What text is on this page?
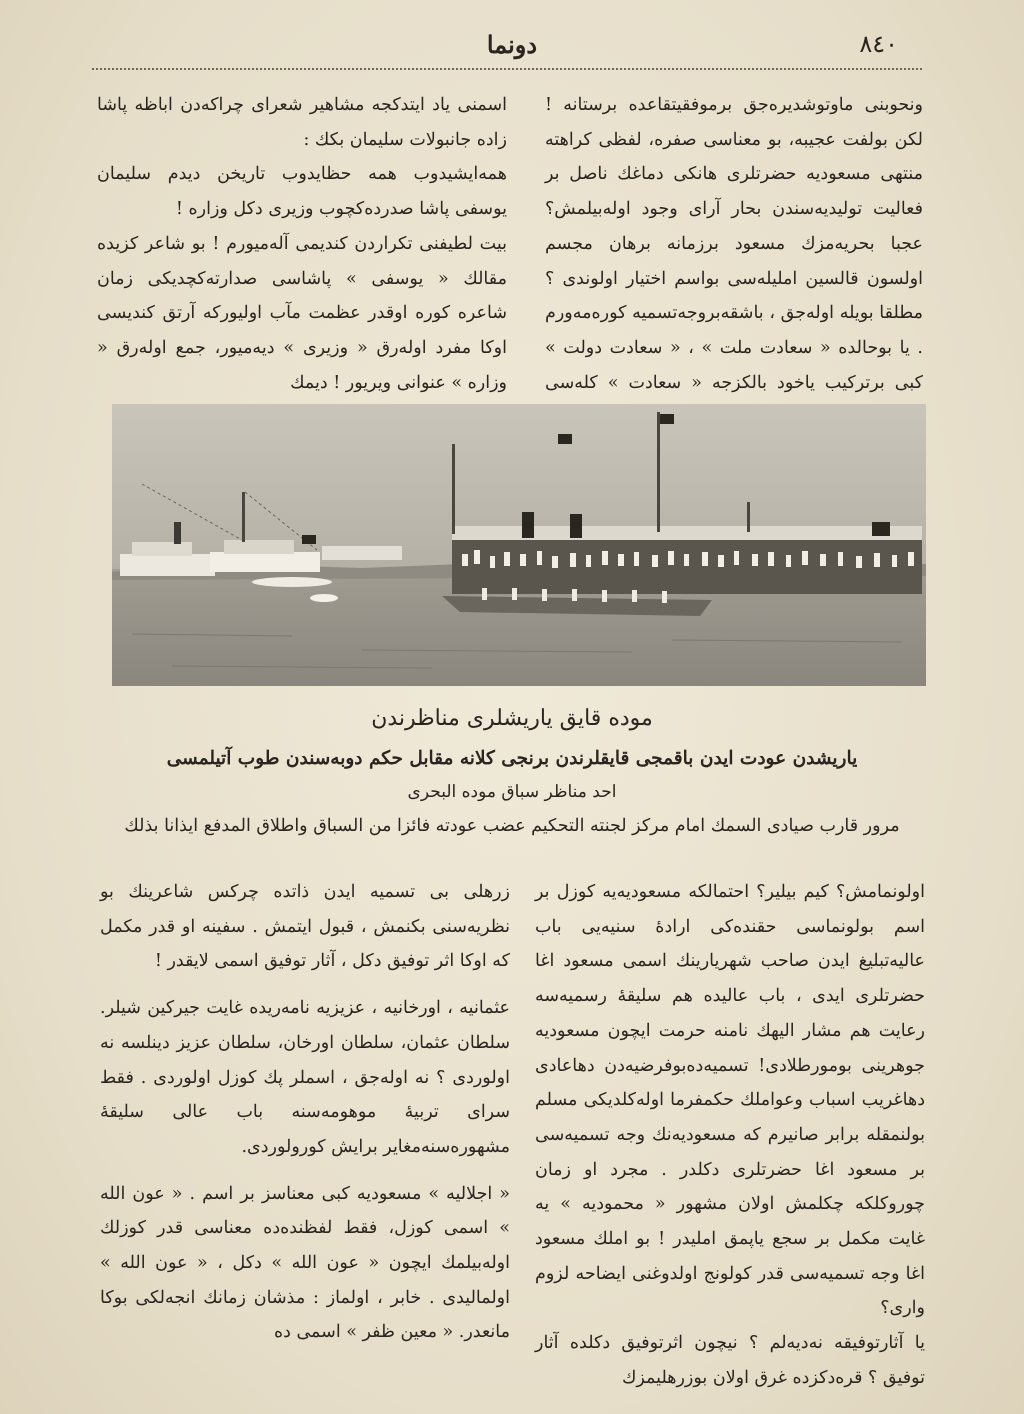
دونما	٨٤٠

ونحوبنی ماوتوشدیرەجق برموفقیتقاعدە برستانە ! لکن بولفت عجیبه، بو معناسی صفرە، لفظی کراهته منتهی مسعودیه حضرتلری هانکی دماغك ناصل بر فعالیت تولیدیەسندن بحار آرای وجود اولەبیلمش؟ عجبا بحریەمزك مسعود برزمانه برهان مجسم اولسون قالسین املیلەسی بواسم اختیار اولوندی ؟ مطلقا بویله اولەجق ، باشقەبروجەتسمیه کورەمەورم . یا بوحالده « سعادت ملت » ، « سعادت دولت » کبی برترکیب یاخود بالکزجه « سعادت » کلەسی

اسمنی یاد ایتدکجه مشاهیر شعرای چراکەدن اباظه پاشا زاده جانبولات سلیمان بکك :

همەایشیدوب همه حظایدوب تاریخن دیدم سلیمان یوسفی پاشا صدردەکچوب وزیری دکل وزاره !

بیت لطیفنی تکراردن کندیمی آلەمیورم ! بو شاعر کزیده مقالك « یوسفی » پاشاسی صدارتەکچدیکی زمان شاعره کوره اوقدر عظمت مآب اولیورکه آرتق کندیسی اوکا مفرد اولەرق « وزیری » دیەمیور، جمع اولەرق « وزاره » عنوانی ویریور ! دیمك

موده قایق یاریشلری مناظرندن
یاریشدن عودت ایدن باقمجی قایقلرندن برنجی کلانه مقابل حکم دوبەسندن طوب آتیلمسی
احد مناظر سباق موده البحری
مرور قارب صیادی السمك امام مرکز لجنته التحکیم عضب عودته فائزا من السباق واطلاق المدفع ایذانا بذلك

اولونمامش؟ کیم بیلیر؟ احتمالکه مسعودیەیه کوزل بر اسم بولونماسی حقندەکی ارادۀ سنیەیی باب عالیەتبلیغ ایدن صاحب شهریارینك اسمی مسعود اغا حضرتلری ایدی ، باب عالیدە هم سلیقۀ رسمیەسە رعایت هم مشار الیهك نامنه حرمت ایچون مسعودیه جوهرینی بومورطلادی! تسمیەدەبوفرضیەدن دهاعادی دهاغریب اسباب وعواملك حکمفرما اولەکلدیکی مسلم بولنمقله برابر صانیرم که مسعودیەنك وجه تسمیەسی بر مسعود اغا حضرتلری دکلدر . مجرد او زمان چوروکلکه چکلمش اولان مشهور « محمودیه » یه غایت مکمل بر سجع یاپمق املیدر ! بو املك مسعود اغا وجه تسمیەسی قدر کولونج اولدوغنی ایضاحه لزوم واری؟

یا آثارتوفیقه نەدیەلم ؟ نیچون اثرتوفیق دکلده آثار توفیق ؟ قرەدکزده غرق اولان بوزرهلیمزك

زرهلی بی تسمیه ایدن ذاتده چرکس شاعرینك بو نظریەسنی بکنمش ، قبول ایتمش . سفینه او قدر مکمل که اوکا اثر توفیق دکل ، آثار توفیق اسمی لایقدر !

عثمانیه ، اورخانیه ، عزیزیه نامەریده غایت جیرکین شیلر. سلطان عثمان، سلطان اورخان، سلطان عزیز دینلسه نه اولوردی ؟ نه اولەجق ، اسملر پك کوزل اولوردی . فقط سرای تربیۀ موهومەسنه باب عالی سلیقۀ مشهورەسنەمغایر برایش کورولوردی.

« اجلالیه » مسعودیه کبی معناسز بر اسم . « عون الله » اسمی کوزل، فقط لفظندەده معناسی قدر کوزلك اولەبیلمك ایچون « عون الله » دکل ، « عون الله » اولمالیدی . خابر ، اولماز : مذشان زمانك انجەلکی بوکا مانعدر. « معین ظفر » اسمی ده
